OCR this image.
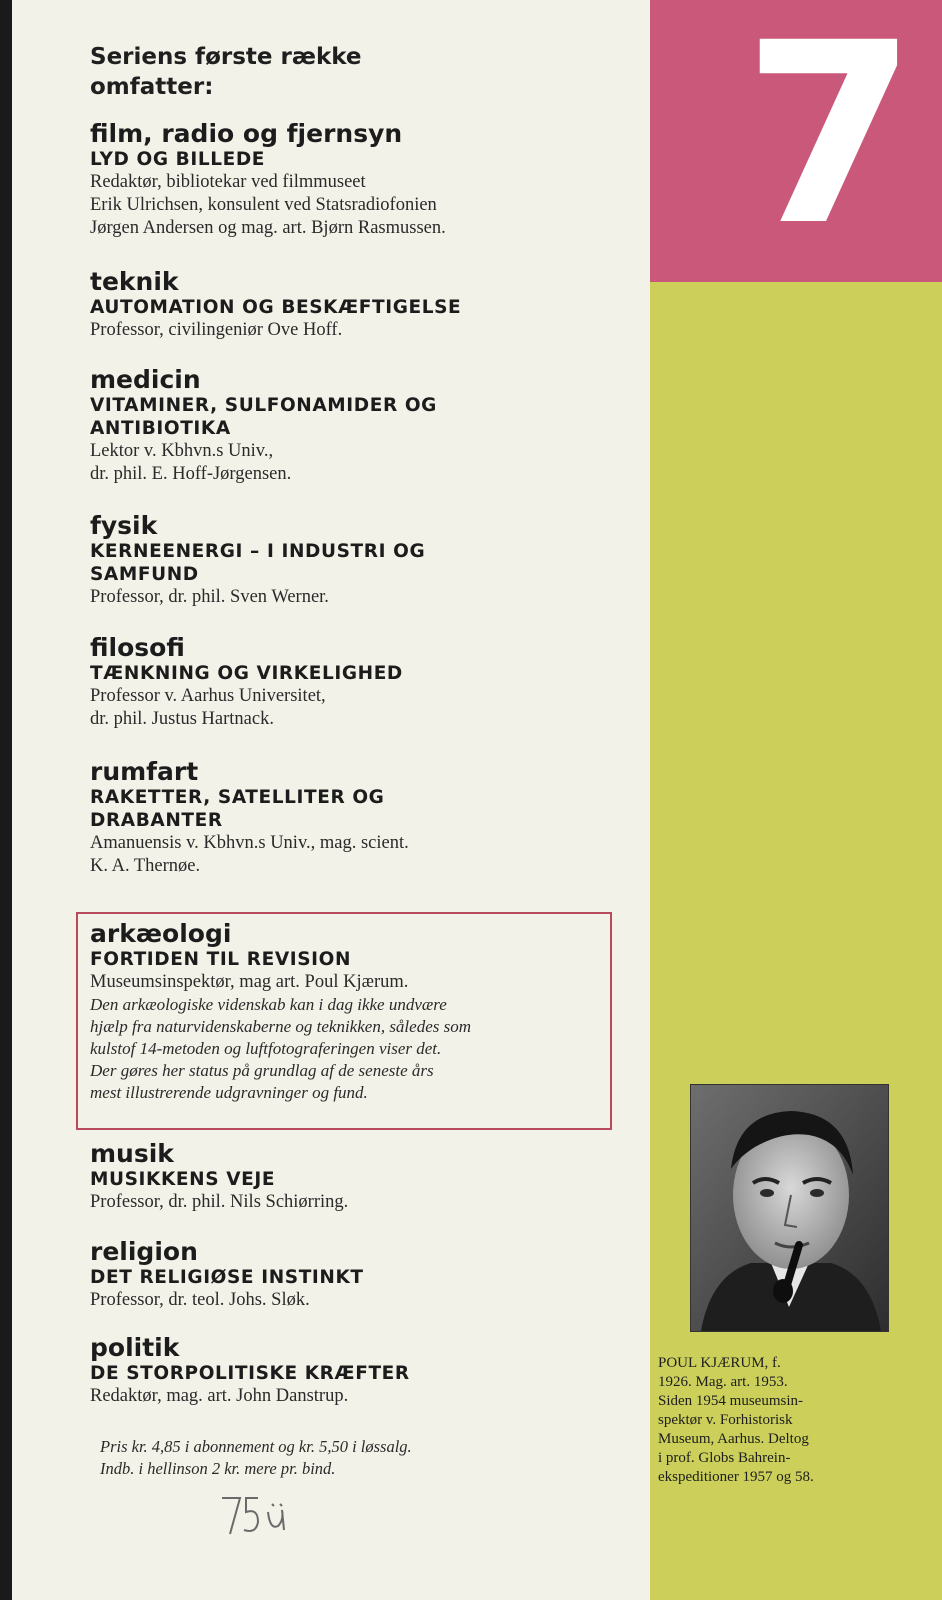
Seriens første række
omfatter:
film, radio og fjernsyn
LYD OG BILLEDE
Redaktør, bibliotekar ved filmmuseet
Erik Ulrichsen, konsulent ved Statsradiofonien
Jørgen Andersen og mag. art. Bjørn Rasmussen.
teknik
AUTOMATION OG BESKÆFTIGELSE
Professor, civilingeniør Ove Hoff.
medicin
VITAMINER, SULFONAMIDER OG
ANTIBIOTIKA
Lektor v. Kbhvn.s Univ.,
dr. phil. E. Hoff-Jørgensen.
fysik
KERNEENERGI – I INDUSTRI OG
SAMFUND
Professor, dr. phil. Sven Werner.
filosofi
TÆNKNING OG VIRKELIGHED
Professor v. Aarhus Universitet,
dr. phil. Justus Hartnack.
rumfart
RAKETTER, SATELLITER OG
DRABANTER
Amanuensis v. Kbhvn.s Univ., mag. scient.
K. A. Thernøe.
arkæologi
FORTIDEN TIL REVISION
Museumsinspektør, mag art. Poul Kjærum.
Den arkæologiske videnskab kan i dag ikke undvære
hjælp fra naturvidenskaberne og teknikken, således som
kulstof 14-metoden og luftfotograferingen viser det.
Der gøres her status på grundlag af de seneste års
mest illustrerende udgravninger og fund.
musik
MUSIKKENS VEJE
Professor, dr. phil. Nils Schiørring.
religion
DET RELIGIØSE INSTINKT
Professor, dr. teol. Johs. Sløk.
politik
DE STORPOLITISKE KRÆFTER
Redaktør, mag. art. John Danstrup.
Pris kr. 4,85 i abonnement og kr. 5,50 i løssalg.
Indb. i hellinson 2 kr. mere pr. bind.
7
POUL KJÆRUM, f.
1926. Mag. art. 1953.
Siden 1954 museumsin-
spektør v. Forhistorisk
Museum, Aarhus. Deltog
i prof. Globs Bahrein-
ekspeditioner 1957 og 58.
